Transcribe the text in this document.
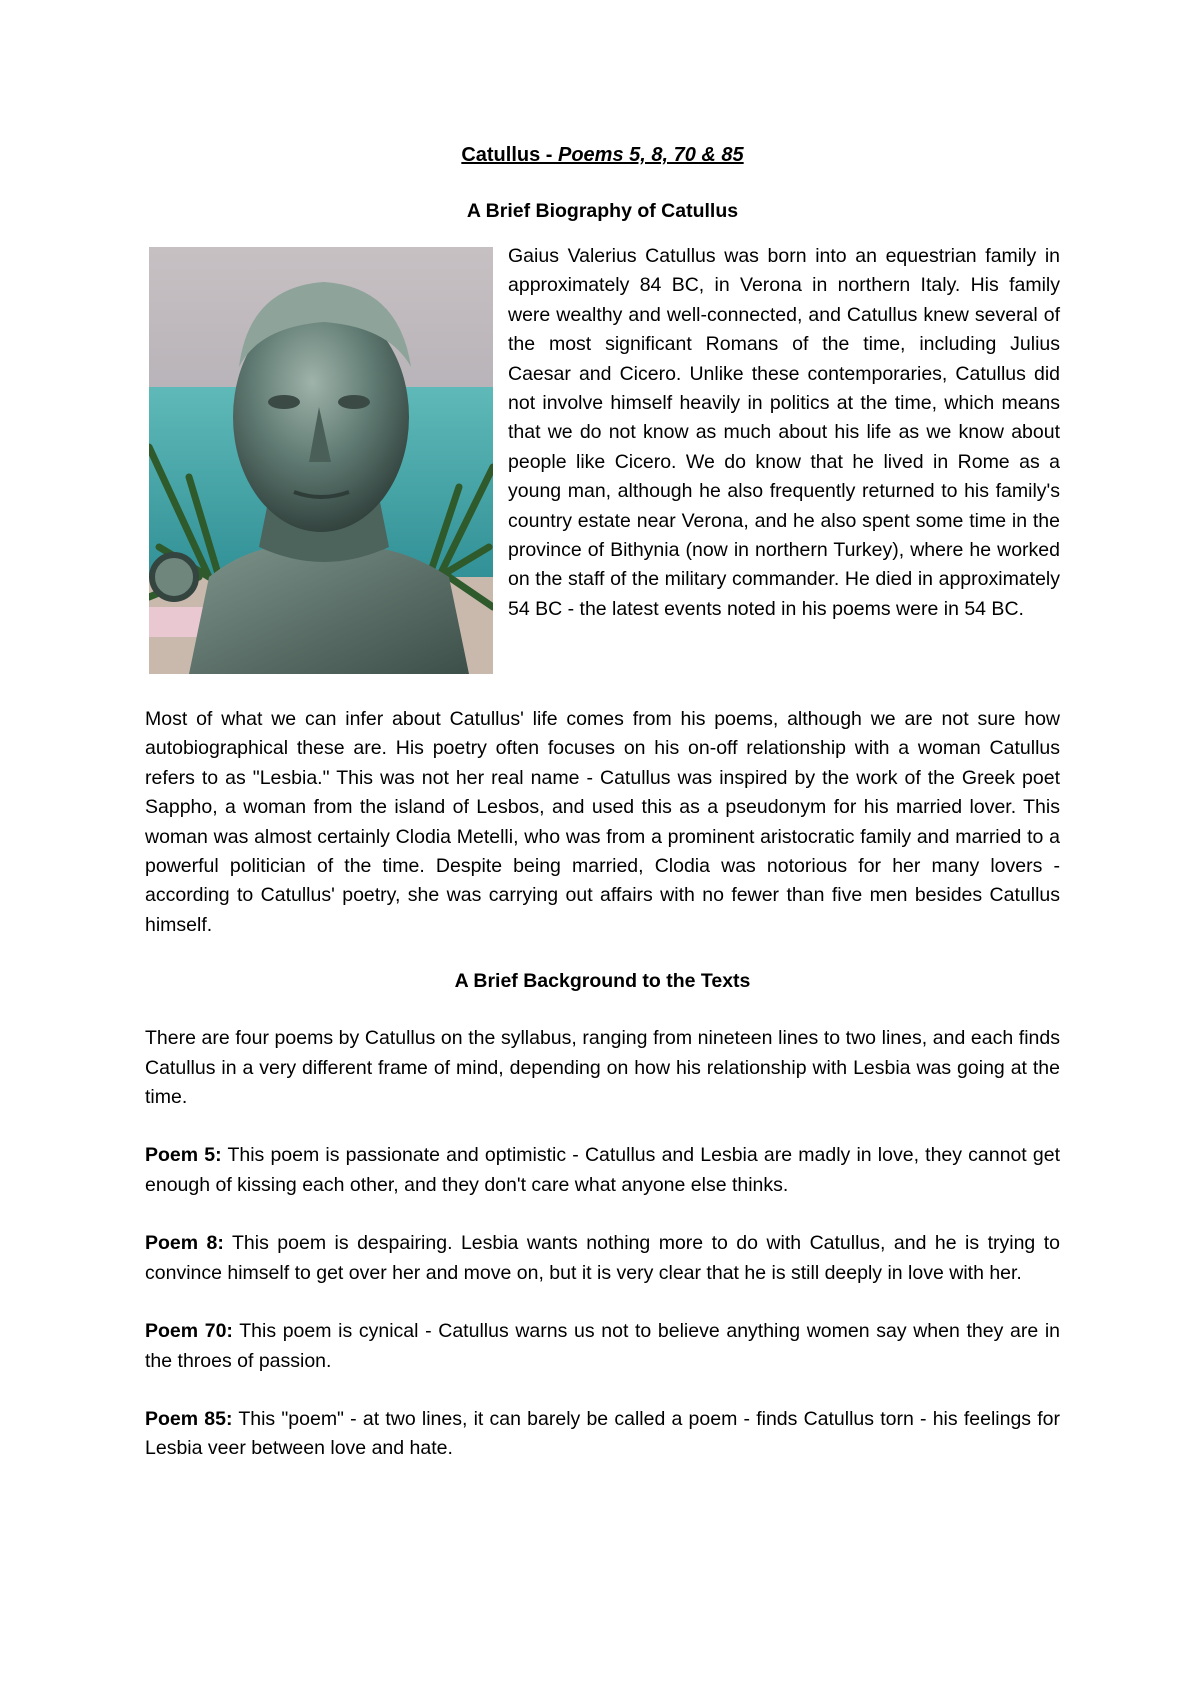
Catullus - Poems 5, 8, 70 & 85

A Brief Biography of Catullus

Gaius Valerius Catullus was born into an equestrian family in approximately 84 BC, in Verona in northern Italy. His family were wealthy and well-connected, and Catullus knew several of the most significant Romans of the time, including Julius Caesar and Cicero. Unlike these contemporaries, Catullus did not involve himself heavily in politics at the time, which means that we do not know as much about his life as we know about people like Cicero. We do know that he lived in Rome as a young man, although he also frequently returned to his family's country estate near Verona, and he also spent some time in the province of Bithynia (now in northern Turkey), where he worked on the staff of the military commander. He died in approximately 54 BC - the latest events noted in his poems were in 54 BC.

Most of what we can infer about Catullus' life comes from his poems, although we are not sure how autobiographical these are. His poetry often focuses on his on-off relationship with a woman Catullus refers to as "Lesbia." This was not her real name - Catullus was inspired by the work of the Greek poet Sappho, a woman from the island of Lesbos, and used this as a pseudonym for his married lover. This woman was almost certainly Clodia Metelli, who was from a prominent aristocratic family and married to a powerful politician of the time. Despite being married, Clodia was notorious for her many lovers - according to Catullus' poetry, she was carrying out affairs with no fewer than five men besides Catullus himself.

A Brief Background to the Texts

There are four poems by Catullus on the syllabus, ranging from nineteen lines to two lines, and each finds Catullus in a very different frame of mind, depending on how his relationship with Lesbia was going at the time.

Poem 5: This poem is passionate and optimistic - Catullus and Lesbia are madly in love, they cannot get enough of kissing each other, and they don't care what anyone else thinks.

Poem 8: This poem is despairing. Lesbia wants nothing more to do with Catullus, and he is trying to convince himself to get over her and move on, but it is very clear that he is still deeply in love with her.

Poem 70: This poem is cynical - Catullus warns us not to believe anything women say when they are in the throes of passion.

Poem 85: This "poem" - at two lines, it can barely be called a poem - finds Catullus torn - his feelings for Lesbia veer between love and hate.
